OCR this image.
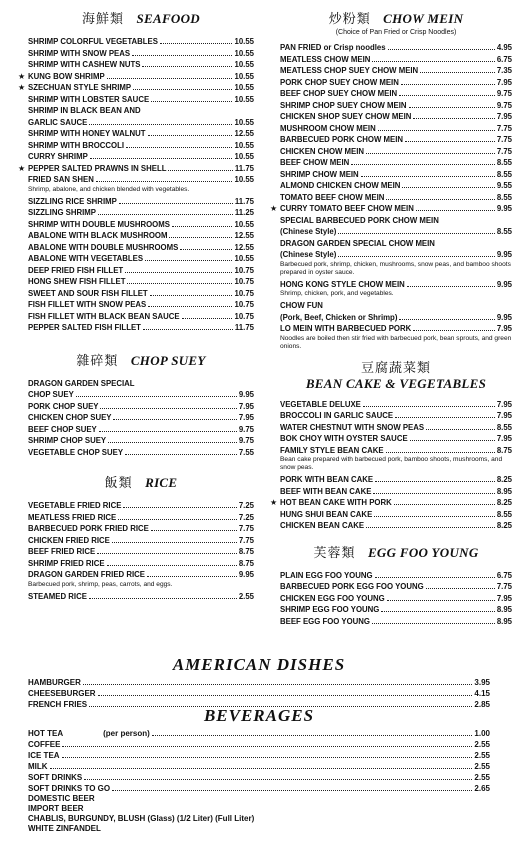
海鮮類 SEAFOOD
SHRIMP COLORFUL VEGETABLES	10.55
SHRIMP WITH SNOW PEAS	10.55
SHRIMP WITH CASHEW NUTS	10.55
★ KUNG BOW SHRIMP	10.55
★ SZECHUAN STYLE SHRIMP	10.55
SHRIMP WITH LOBSTER SAUCE	10.55
SHRIMP IN BLACK BEAN AND
GARLIC SAUCE	10.55
SHRIMP WITH HONEY WALNUT	12.55
SHRIMP WITH BROCCOLI	10.55
CURRY SHRIMP	10.55
★ PEPPER SALTED PRAWNS IN SHELL	11.75
FRIED SAN SHEN	10.55
Shrimp, abalone, and chicken blended with vegetables.
SIZZLING RICE SHRIMP	11.75
SIZZLING SHRIMP	11.25
SHRIMP WITH DOUBLE MUSHROOMS	10.55
ABALONE WITH BLACK MUSHROOM	12.55
ABALONE WITH DOUBLE MUSHROOMS	12.55
ABALONE WITH VEGETABLES	10.55
DEEP FRIED FISH FILLET	10.75
HONG SHEW FISH FILLET	10.75
SWEET AND SOUR FISH FILLET	10.75
FISH FILLET WITH SNOW PEAS	10.75
FISH FILLET WITH BLACK BEAN SAUCE	10.75
PEPPER SALTED FISH FILLET	11.75
雜碎類 CHOP SUEY
DRAGON GARDEN SPECIAL
CHOP SUEY	9.95
PORK CHOP SUEY	7.95
CHICKEN CHOP SUEY	7.95
BEEF CHOP SUEY	9.75
SHRIMP CHOP SUEY	9.75
VEGETABLE CHOP SUEY	7.55
飯類 RICE
VEGETABLE FRIED RICE	7.25
MEATLESS FRIED RICE	7.25
BARBECUED PORK FRIED RICE	7.75
CHICKEN FRIED RICE	7.75
BEEF FRIED RICE	8.75
SHRIMP FRIED RICE	8.75
DRAGON GARDEN FRIED RICE	9.95
Barbecued pork, shrimp, peas, carrots, and eggs.
STEAMED RICE	2.55
炒粉類 CHOW MEIN
(Choice of Pan Fried or Crisp Noodles)
PAN FRIED or Crisp noodles	4.95
MEATLESS CHOW MEIN	6.75
MEATLESS CHOP SUEY CHOW MEIN	7.35
PORK CHOP SUEY CHOW MEIN	7.95
BEEF CHOP SUEY CHOW MEIN	9.75
SHRIMP CHOP SUEY CHOW MEIN	9.75
CHICKEN SHOP SUEY CHOW MEIN	7.95
MUSHROOM CHOW MEIN	7.75
BARBECUED PORK CHOW MEIN	7.75
CHICKEN CHOW MEIN	7.75
BEEF CHOW MEIN	8.55
SHRIMP CHOW MEIN	8.55
ALMOND CHICKEN CHOW MEIN	9.55
TOMATO BEEF CHOW MEIN	8.55
★ CURRY TOMATO BEEF CHOW MEIN	9.95
SPECIAL BARBECUED PORK CHOW MEIN
(Chinese Style)	8.55
DRAGON GARDEN SPECIAL CHOW MEIN
(Chinese Style)	9.95
Barbecued pork, shrimp, chicken, mushrooms, snow peas, and bamboo shoots prepared in oyster sauce.
HONG KONG STYLE CHOW MEIN	9.95
Shrimp, chicken, pork, and vegetables.
CHOW FUN
(Pork, Beef, Chicken or Shrimp)	9.95
LO MEIN WITH BARBECUED PORK	7.95
Noodles are boiled then stir fried with barbecued pork, bean sprouts, and green onions.
豆腐蔬菜類
BEAN CAKE & VEGETABLES
VEGETABLE DELUXE	7.95
BROCCOLI IN GARLIC SAUCE	7.95
WATER CHESTNUT WITH SNOW PEAS	8.55
BOK CHOY WITH OYSTER SAUCE	7.95
FAMILY STYLE BEAN CAKE	8.75
Bean cake prepared with barbecued pork, bamboo shoots, mushrooms, and snow peas.
PORK WITH BEAN CAKE	8.25
BEEF WITH BEAN CAKE	8.95
★ HOT BEAN CAKE WITH PORK	8.25
HUNG SHUI BEAN CAKE	8.55
CHICKEN BEAN CAKE	8.25
芙蓉類 EGG FOO YOUNG
PLAIN EGG FOO YOUNG	6.75
BARBECUED PORK EGG FOO YOUNG	7.75
CHICKEN EGG FOO YOUNG	7.95
SHRIMP EGG FOO YOUNG	8.95
BEEF EGG FOO YOUNG	8.95
AMERICAN DISHES
HAMBURGER	3.95
CHEESEBURGER	4.15
FRENCH FRIES	2.85
BEVERAGES
HOT TEA	(per person)	1.00
COFFEE	2.55
ICE TEA	2.55
MILK	2.55
SOFT DRINKS	2.55
SOFT DRINKS TO GO	2.65
DOMESTIC BEER
IMPORT BEER
CHABLIS, BURGUNDY, BLUSH (Glass) (1/2 Liter) (Full Liter)
WHITE ZINFANDEL
